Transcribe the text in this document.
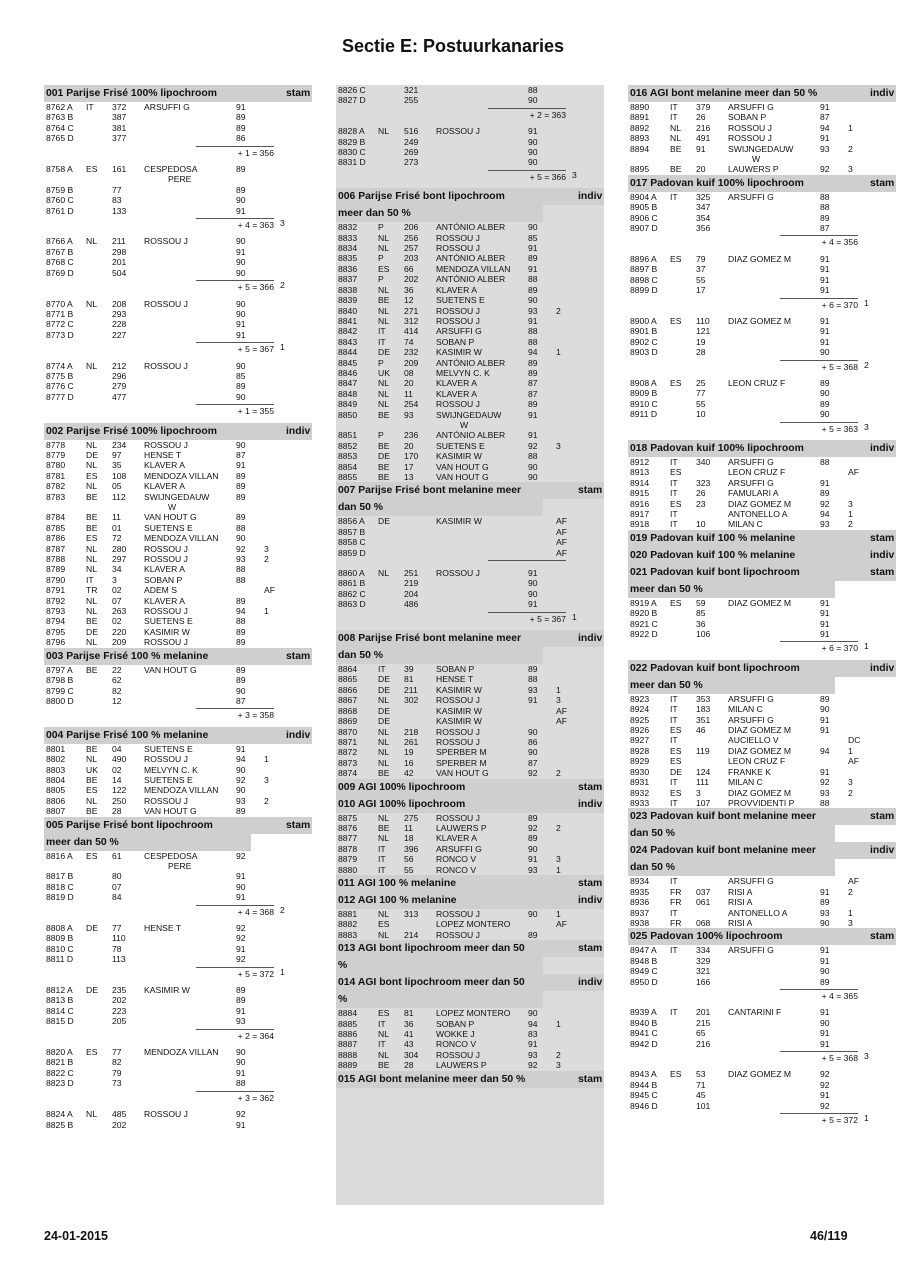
Sectie E: Postuurkanaries
001 Parijse Frisé 100% lipochroom	stam
8762 A	IT	372	ARSUFFI G	91
8763 B	387	89
8764 C	381	89
8765 D	377	86
+ 1 = 356
8758 A	ES	161	CESPEDOSA	89
PERE
8759 B	77	89
8760 C	83	90
8761 D	133	91
+ 4 = 363 3
8766 A	NL	211	ROSSOU J	90
8767 B	298	91
8768 C	201	90
8769 D	504	90
+ 5 = 366 2
8770 A	NL	208	ROSSOU J	90
8771 B	293	90
8772 C	228	91
8773 D	227	91
+ 5 = 367 1
8774 A	NL	212	ROSSOU J	90
8775 B	296	85
8776 C	279	89
8777 D	477	90
+ 1 = 355
002 Parijse Frisé 100% lipochroom	indiv
8778	NL	234	ROSSOU J	90
8779	DE	97	HENSE T	87
8780	NL	35	KLAVER A	91
8781	ES	108	MENDOZA VILLAN	89
8782	NL	05	KLAVER A	89
8783	BE	112	SWIJNGEDAUW	89
W
8784	BE	11	VAN HOUT G	89
8785	BE	01	SUETENS E	88
8786	ES	72	MENDOZA VILLAN	90
8787	NL	280	ROSSOU J	92	3
8788	NL	297	ROSSOU J	93	2
8789	NL	34	KLAVER A	88
8790	IT	3	SOBAN P	88
8791	TR	02	ADEM S	AF
8792	NL	07	KLAVER A	89
8793	NL	263	ROSSOU J	94	1
8794	BE	02	SUETENS E	88
8795	DE	220	KASIMIR W	89
8796	NL	209	ROSSOU J	89
003 Parijse Frisé 100 % melanine	stam
8797 A	BE	22	VAN HOUT G	89
8798 B	62	89
8799 C	82	90
8800 D	12	87
+ 3 = 358
004 Parijse Frisé 100 % melanine	indiv
8801	BE	04	SUETENS E	91
8802	NL	490	ROSSOU J	94	1
8803	UK	02	MELVYN C. K	90
8804	BE	14	SUETENS E	92	3
8805	ES	122	MENDOZA VILLAN	90
8806	NL	250	ROSSOU J	93	2
8807	BE	28	VAN HOUT G	89
005 Parijse Frisé bont lipochroom	stam
meer dan 50 %
8816 A	ES	61	CESPEDOSA	92
PERE
8817 B	80	91
8818 C	07	90
8819 D	84	91
+ 4 = 368 2
8808 A	DE	77	HENSE T	92
8809 B	110	92
8810 C	78	91
8811 D	113	92
+ 5 = 372 1
8812 A	DE	235	KASIMIR W	89
8813 B	202	89
8814 C	223	91
8815 D	205	93
+ 2 = 364
8820 A	ES	77	MENDOZA VILLAN	90
8821 B	82	90
8822 C	79	91
8823 D	73	88
+ 3 = 362
8824 A	NL	485	ROSSOU J	92
8825 B	202	91
8826 C	321	88
8827 D	255	90
+ 2 = 363
8828 A	NL	516	ROSSOU J	91
8829 B	249	90
8830 C	269	90
8831 D	273	90
+ 5 = 366 3
006 Parijse Frisé bont lipochroom	indiv
meer dan 50 %
8832	P	206	ANTÓNIO ALBER	90
8833	NL	256	ROSSOU J	85
8834	NL	257	ROSSOU J	91
8835	P	203	ANTÓNIO ALBER	89
8836	ES	66	MENDOZA VILLAN	91
8837	P	202	ANTÓNIO ALBER	88
8838	NL	36	KLAVER A	89
8839	BE	12	SUETENS E	90
8840	NL	271	ROSSOU J	93	2
8841	NL	312	ROSSOU J	91
8842	IT	414	ARSUFFI G	88
8843	IT	74	SOBAN P	88
8844	DE	232	KASIMIR W	94	1
8845	P	209	ANTÓNIO ALBER	89
8846	UK	08	MELVYN C. K	89
8847	NL	20	KLAVER A	87
8848	NL	11	KLAVER A	87
8849	NL	254	ROSSOU J	89
8850	BE	93	SWIJNGEDAUW	91
W
8851	P	236	ANTÓNIO ALBER	91
8852	BE	20	SUETENS E	92	3
8853	DE	170	KASIMIR W	88
8854	BE	17	VAN HOUT G	90
8855	BE	13	VAN HOUT G	90
007 Parijse Frisé bont melanine meer	stam
dan 50 %
8856 A	DE	KASIMIR W	AF
8857 B	AF
8858 C	AF
8859 D	AF
8860 A	NL	251	ROSSOU J	91
8861 B	219	90
8862 C	204	90
8863 D	486	91
+ 5 = 367 1
008 Parijse Frisé bont melanine meer	indiv
dan 50 %
8864	IT	39	SOBAN P	89
8865	DE	81	HENSE T	88
8866	DE	211	KASIMIR W	93	1
8867	NL	302	ROSSOU J	91	3
8868	DE	KASIMIR W	AF
8869	DE	KASIMIR W	AF
8870	NL	218	ROSSOU J	90
8871	NL	261	ROSSOU J	86
8872	NL	19	SPERBER M	90
8873	NL	16	SPERBER M	87
8874	BE	42	VAN HOUT G	92	2
009 AGI 100% lipochroom	stam
010 AGI 100% lipochroom	indiv
8875	NL	275	ROSSOU J	89
8876	BE	11	LAUWERS P	92	2
8877	NL	18	KLAVER A	89
8878	IT	396	ARSUFFI G	90
8879	IT	56	RONCO V	91	3
8880	IT	55	RONCO V	93	1
011 AGI 100 % melanine	stam
012 AGI 100 % melanine	indiv
8881	NL	313	ROSSOU J	90	1
8882	ES	LOPEZ MONTERO	AF
8883	NL	214	ROSSOU J	89
013 AGI bont lipochroom meer dan 50	stam
%
014 AGI bont lipochroom meer dan 50	indiv
%
8884	ES	81	LOPEZ MONTERO	90
8885	IT	36	SOBAN P	94	1
8886	NL	41	WOKKE J	83
8887	IT	43	RONCO V	91
8888	NL	304	ROSSOU J	93	2
8889	BE	28	LAUWERS P	92	3
015 AGI bont melanine meer dan 50 %	stam
016 AGI bont melanine meer dan 50 %	indiv
8890	IT	379	ARSUFFI G	91
8891	IT	26	SOBAN P	87
8892	NL	216	ROSSOU J	94	1
8893	NL	491	ROSSOU J	91
8894	BE	91	SWIJNGEDAUW	93	2
W
8895	BE	20	LAUWERS P	92	3
017 Padovan kuif 100% lipochroom	stam
8904 A	IT	325	ARSUFFI G	88
8905 B	347	88
8906 C	354	89
8907 D	356	87
+ 4 = 356
8896 A	ES	79	DIAZ GOMEZ M	91
8897 B	37	91
8898 C	55	91
8899 D	17	91
+ 6 = 370 1
8900 A	ES	110	DIAZ GOMEZ M	91
8901 B	121	91
8902 C	19	91
8903 D	28	90
+ 5 = 368 2
8908 A	ES	25	LEON CRUZ F	89
8909 B	77	90
8910 C	55	89
8911 D	10	90
+ 5 = 363 3
018 Padovan kuif 100% lipochroom	indiv
8912	IT	340	ARSUFFI G	88
8913	ES	LEON CRUZ F	AF
8914	IT	323	ARSUFFI G	91
8915	IT	26	FAMULARI A	89
8916	ES	23	DIAZ GOMEZ M	92	3
8917	IT	ANTONELLO A	94	1
8918	IT	10	MILAN C	93	2
019 Padovan kuif 100 % melanine	stam
020 Padovan kuif 100 % melanine	indiv
021 Padovan kuif bont lipochroom	stam
meer dan 50 %
8919 A	ES	59	DIAZ GOMEZ M	91
8920 B	85	91
8921 C	36	91
8922 D	106	91
+ 6 = 370 1
022 Padovan kuif bont lipochroom	indiv
meer dan 50 %
8923	IT	353	ARSUFFI G	89
8924	IT	183	MILAN C	90
8925	IT	351	ARSUFFI G	91
8926	ES	46	DIAZ GOMEZ M	91
8927	IT	AUCIELLO V	DC
8928	ES	119	DIAZ GOMEZ M	94	1
8929	ES	LEON CRUZ F	AF
8930	DE	124	FRANKE K	91
8931	IT	111	MILAN C	92	3
8932	ES	3	DIAZ GOMEZ M	93	2
8933	IT	107	PROVVIDENTI P	88
023 Padovan kuif bont melanine meer	stam
dan 50 %
024 Padovan kuif bont melanine meer	indiv
dan 50 %
8934	IT	ARSUFFI G	AF
8935	FR	037	RISI A	91	2
8936	FR	061	RISI A	89
8937	IT	ANTONELLO A	93	1
8938	FR	068	RISI A	90	3
025 Padovan 100% lipochroom	stam
8947 A	IT	334	ARSUFFI G	91
8948 B	329	91
8949 C	321	90
8950 D	166	89
+ 4 = 365
8939 A	IT	201	CANTARINI F	91
8940 B	215	90
8941 C	65	91
8942 D	216	91
+ 5 = 368 3
8943 A	ES	53	DIAZ GOMEZ M	92
8944 B	71	92
8945 C	45	91
8946 D	101	92
+ 5 = 372 1
24-01-2015	46/119
